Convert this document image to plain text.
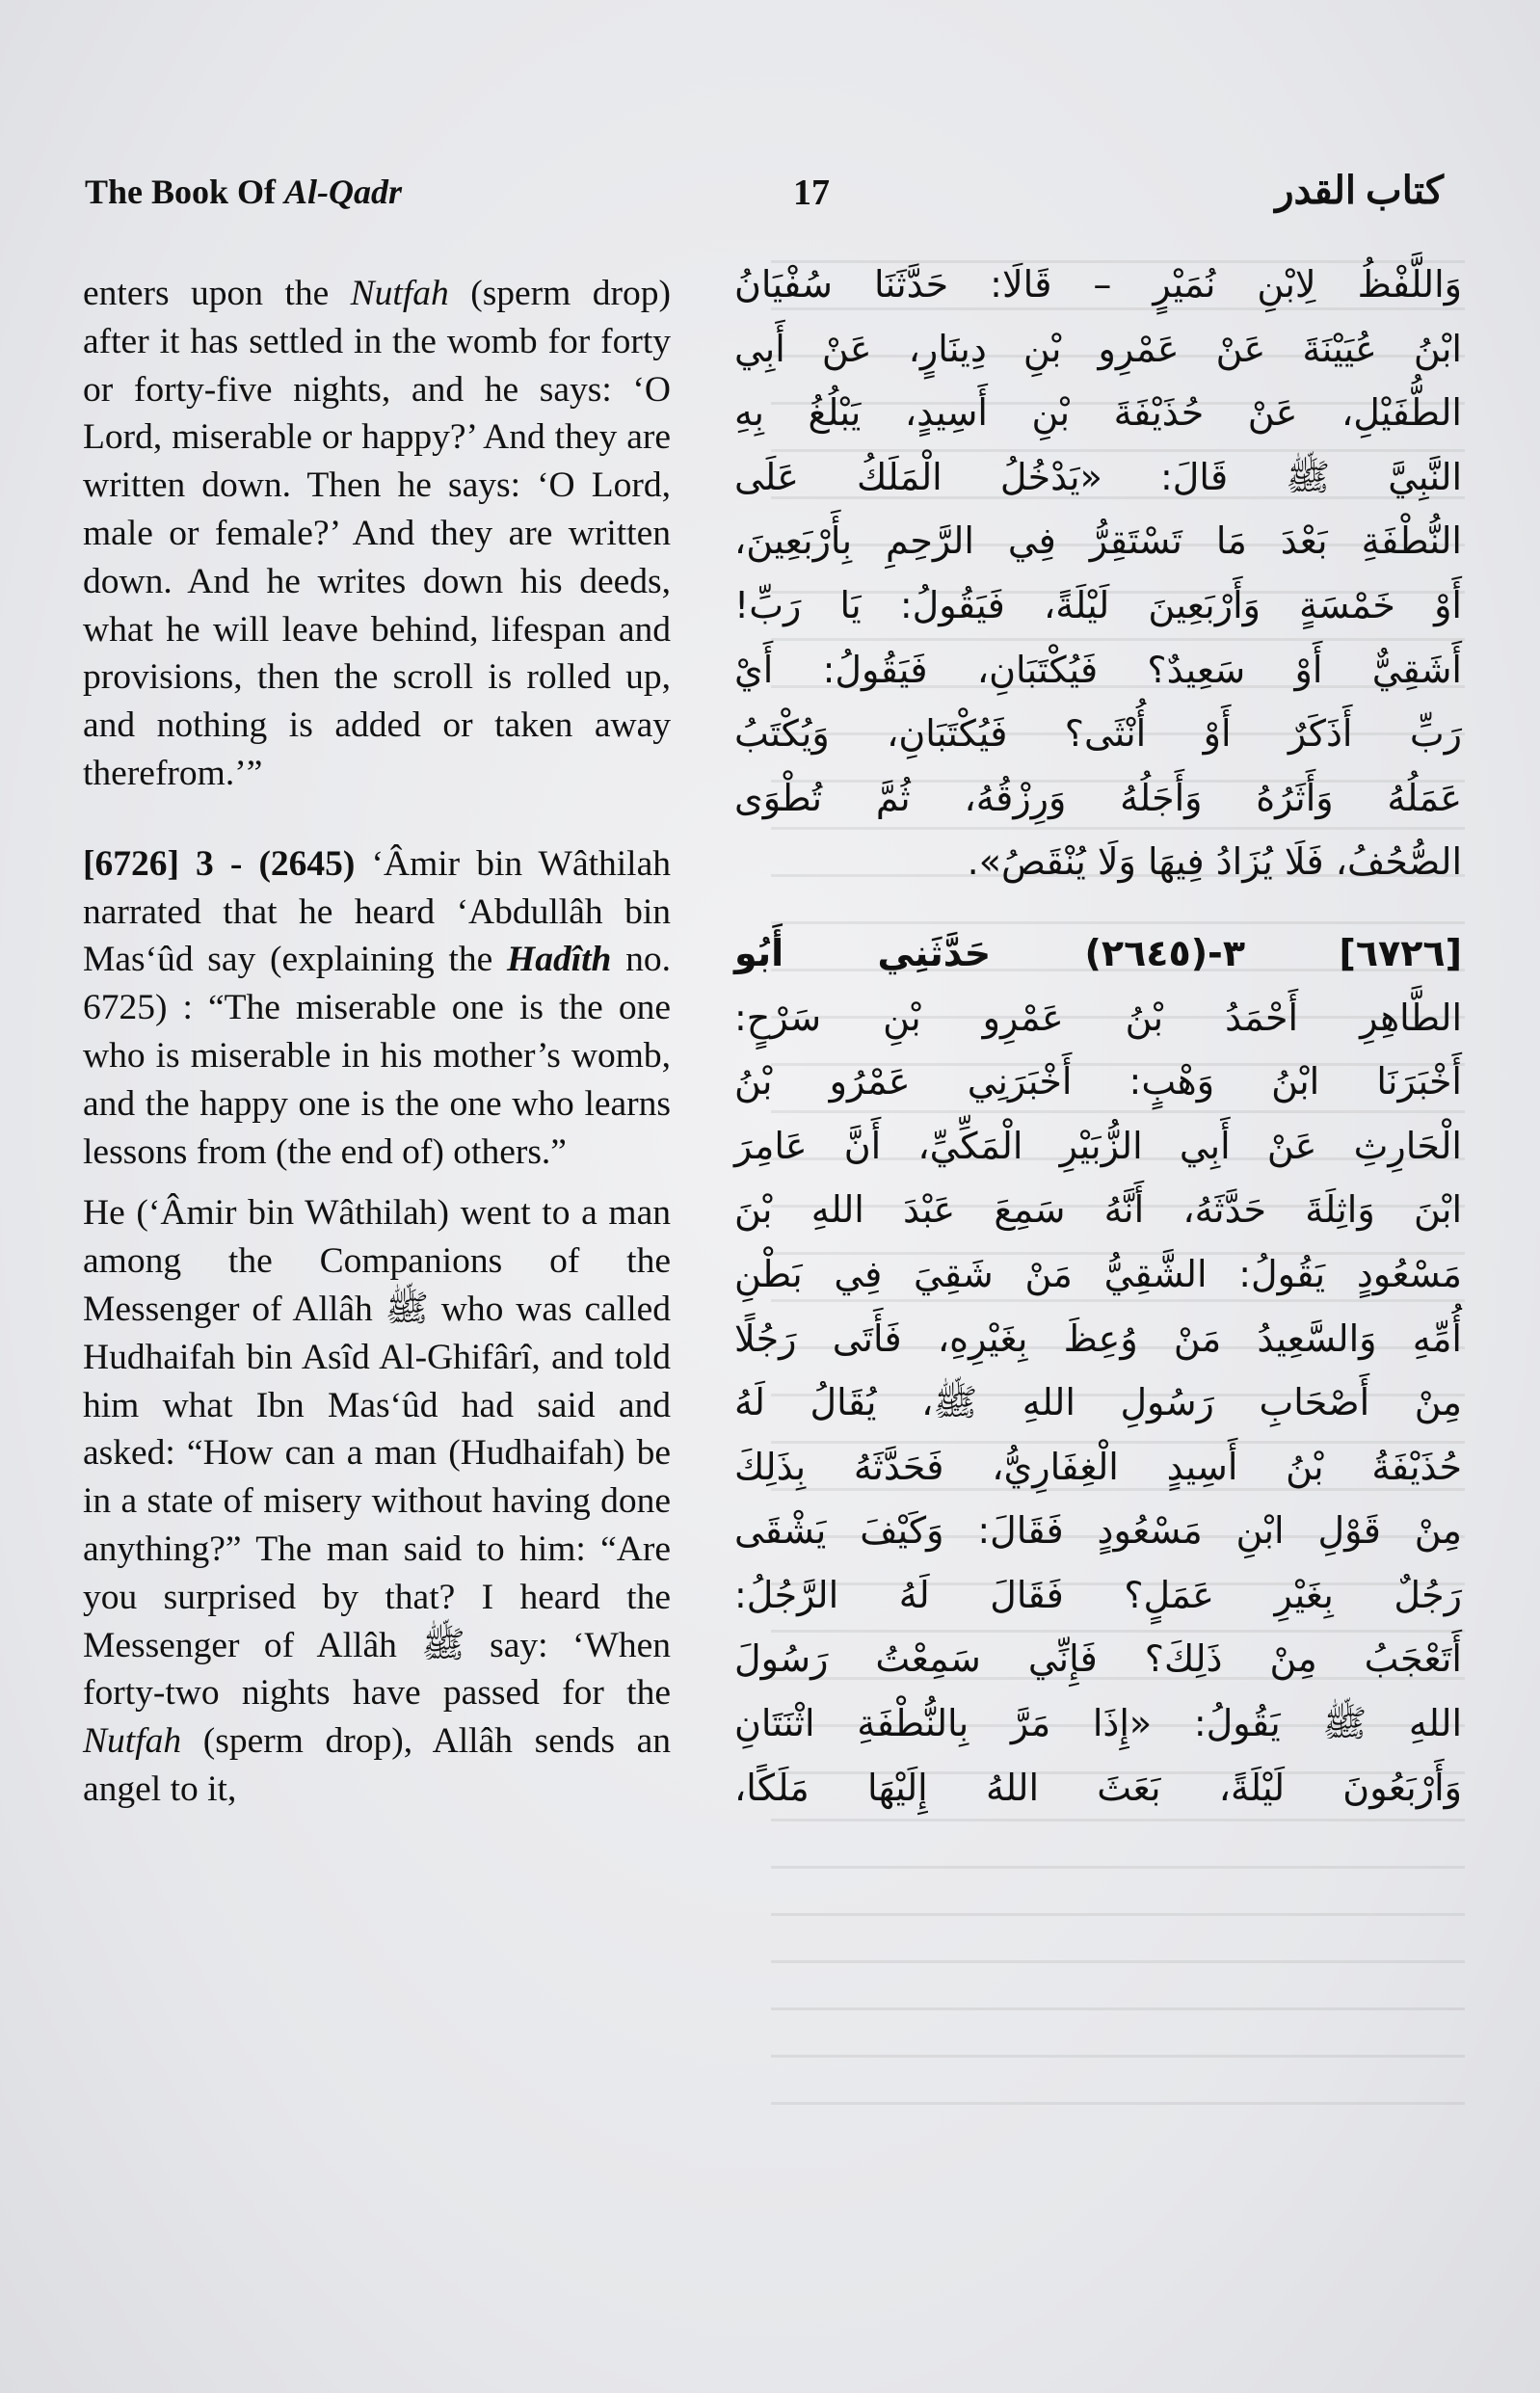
The Book Of Al-Qadr	17	كتاب القدر

enters upon the Nutfah (sperm drop) after it has settled in the womb for forty or forty-five nights, and he says: ‘O Lord, miserable or happy?’ And they are written down. Then he says: ‘O Lord, male or female?’ And they are written down. And he writes down his deeds, what he will leave behind, lifespan and provisions, then the scroll is rolled up, and nothing is added or taken away therefrom.’”

[6726] 3 - (2645) ‘Âmir bin Wâthilah narrated that he heard ‘Abdullâh bin Mas‘ûd say (explaining the Hadîth no. 6725) : “The miserable one is the one who is miserable in his mother’s womb, and the happy one is the one who learns lessons from (the end of) others.”

He (‘Âmir bin Wâthilah) went to a man among the Companions of the Messenger of Allâh ﷺ who was called Hudhaifah bin Asîd Al-Ghifârî, and told him what Ibn Mas‘ûd had said and asked: “How can a man (Hudhaifah) be in a state of misery without having done anything?” The man said to him: “Are you surprised by that? I heard the Messenger of Allâh ﷺ say: ‘When forty-two nights have passed for the Nutfah (sperm drop), Allâh sends an angel to it,

وَاللَّفْظُ لِابْنِ نُمَيْرٍ – قَالَا: حَدَّثَنَا سُفْيَانُ
ابْنُ عُيَيْنَةَ عَنْ عَمْرِو بْنِ دِينَارٍ، عَنْ أَبِي
الطُّفَيْلِ، عَنْ حُذَيْفَةَ بْنِ أَسِيدٍ، يَبْلُغُ بِهِ
النَّبِيَّ ﷺ قَالَ: «يَدْخُلُ الْمَلَكُ عَلَى
النُّطْفَةِ بَعْدَ مَا تَسْتَقِرُّ فِي الرَّحِمِ بِأَرْبَعِينَ،
أَوْ خَمْسَةٍ وَأَرْبَعِينَ لَيْلَةً، فَيَقُولُ: يَا رَبِّ!
أَشَقِيٌّ أَوْ سَعِيدٌ؟ فَيُكْتَبَانِ، فَيَقُولُ: أَيْ
رَبِّ أَذَكَرٌ أَوْ أُنْثَى؟ فَيُكْتَبَانِ، وَيُكْتَبُ
عَمَلُهُ وَأَثَرُهُ وَأَجَلُهُ وَرِزْقُهُ، ثُمَّ تُطْوَى
الصُّحُفُ، فَلَا يُزَادُ فِيهَا وَلَا يُنْقَصُ».
[٦٧٢٦] ٣-(٢٦٤٥) حَدَّثَنِي أَبُو
الطَّاهِرِ أَحْمَدُ بْنُ عَمْرِو بْنِ سَرْحٍ:
أَخْبَرَنَا ابْنُ وَهْبٍ: أَخْبَرَنِي عَمْرُو بْنُ
الْحَارِثِ عَنْ أَبِي الزُّبَيْرِ الْمَكِّيِّ، أَنَّ عَامِرَ
ابْنَ وَاثِلَةَ حَدَّثَهُ، أَنَّهُ سَمِعَ عَبْدَ اللهِ بْنَ
مَسْعُودٍ يَقُولُ: الشَّقِيُّ مَنْ شَقِيَ فِي بَطْنِ
أُمِّهِ وَالسَّعِيدُ مَنْ وُعِظَ بِغَيْرِهِ، فَأَتَى رَجُلًا
مِنْ أَصْحَابِ رَسُولِ اللهِ ﷺ، يُقَالُ لَهُ
حُذَيْفَةُ بْنُ أَسِيدٍ الْغِفَارِيُّ، فَحَدَّثَهُ بِذَلِكَ
مِنْ قَوْلِ ابْنِ مَسْعُودٍ فَقَالَ: وَكَيْفَ يَشْقَى
رَجُلٌ بِغَيْرِ عَمَلٍ؟ فَقَالَ لَهُ الرَّجُلُ:
أَتَعْجَبُ مِنْ ذَلِكَ؟ فَإِنِّي سَمِعْتُ رَسُولَ
اللهِ ﷺ يَقُولُ: «إِذَا مَرَّ بِالنُّطْفَةِ اثْنَتَانِ
وَأَرْبَعُونَ لَيْلَةً، بَعَثَ اللهُ إِلَيْهَا مَلَكًا،
